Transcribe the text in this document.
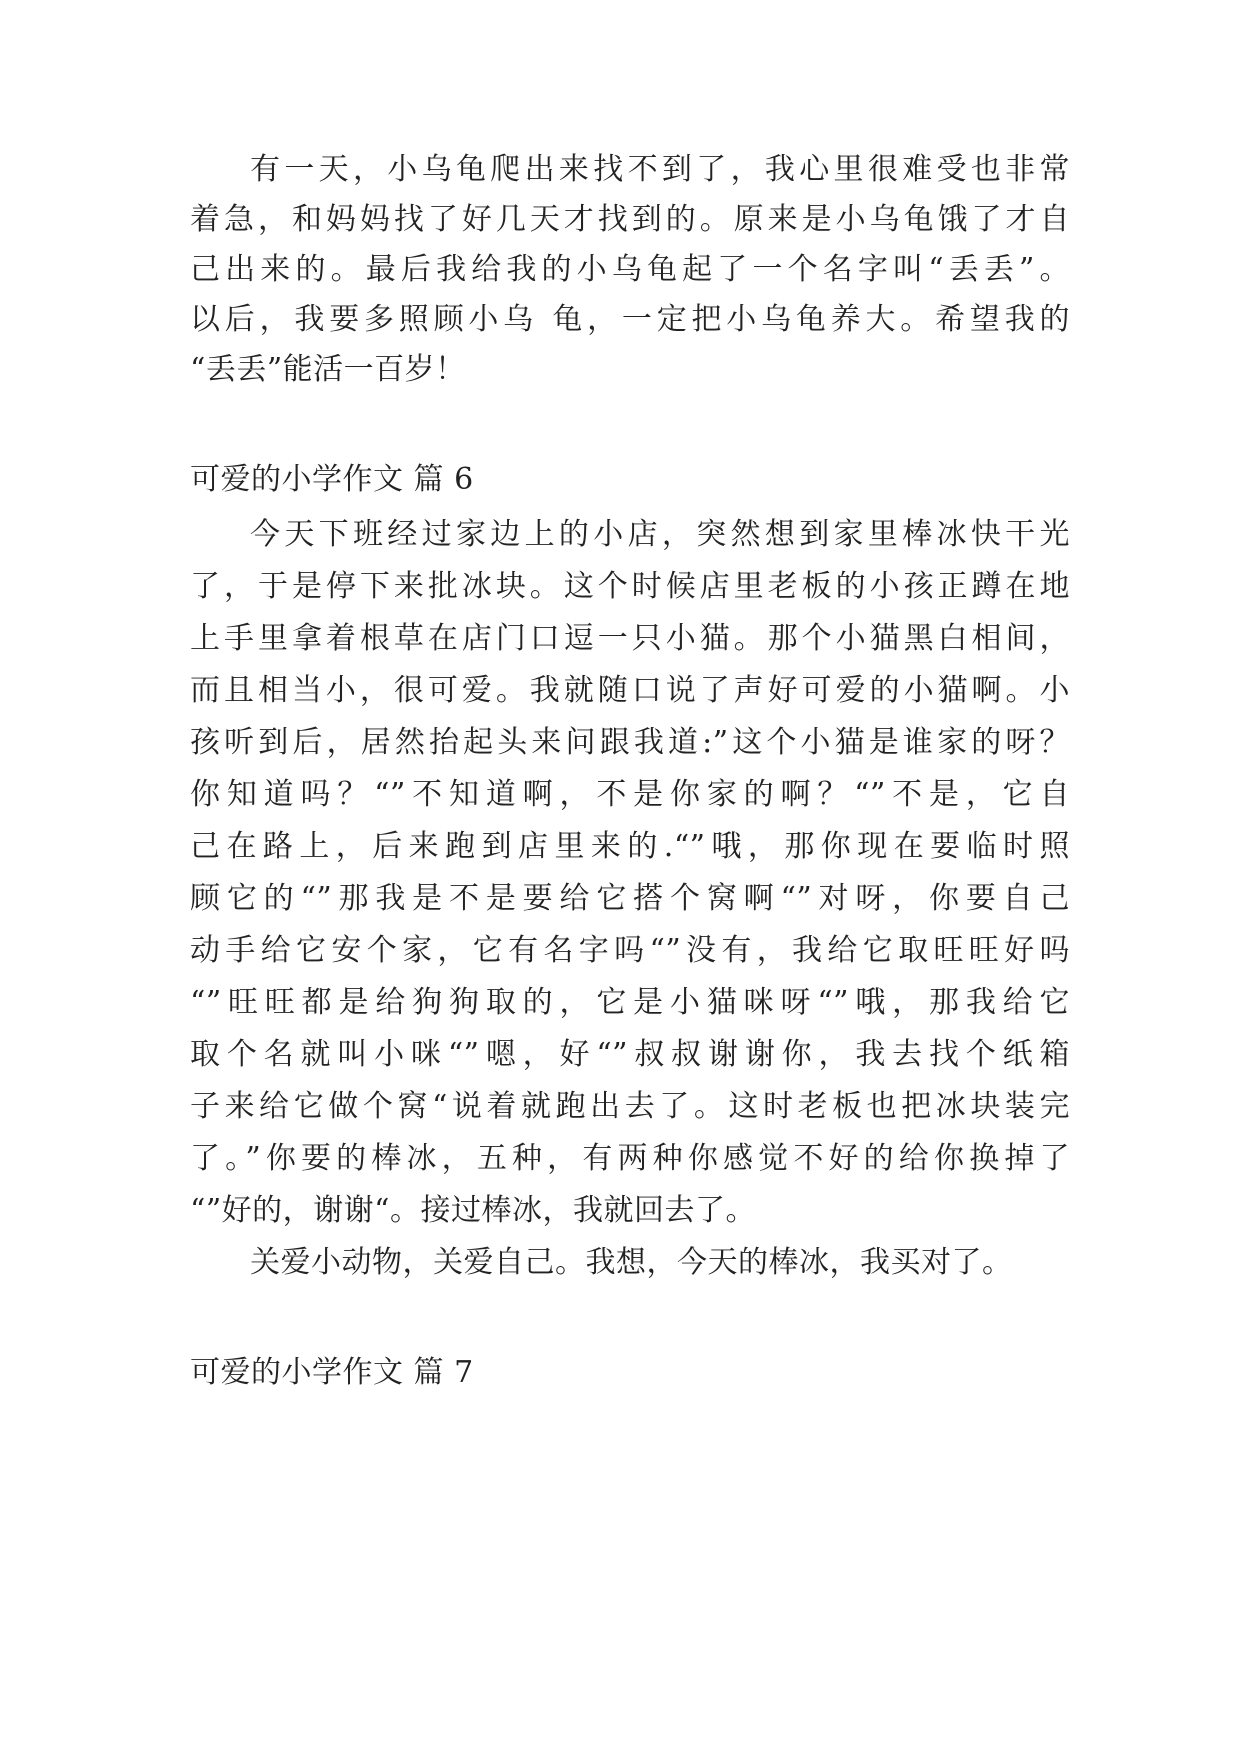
有一天，小乌龟爬出来找不到了，我心里很难受也非常
着急，和妈妈找了好几天才找到的。原来是小乌龟饿了才自
己出来的。最后我给我的小乌龟起了一个名字叫“丢丢”。
以后，我要多照顾小乌 龟，一定把小乌龟养大。希望我的
“丢丢”能活一百岁！
可爱的小学作文 篇 6
今天下班经过家边上的小店，突然想到家里棒冰快干光
了，于是停下来批冰块。这个时候店里老板的小孩正蹲在地
上手里拿着根草在店门口逗一只小猫。那个小猫黑白相间，
而且相当小，很可爱。我就随口说了声好可爱的小猫啊。小
孩听到后，居然抬起头来问跟我道:”这个小猫是谁家的呀？
你知道吗？“”不知道啊，不是你家的啊？“”不是，它自
己在路上，后来跑到店里来的.“”哦，那你现在要临时照
顾它的“”那我是不是要给它搭个窝啊“”对呀，你要自己
动手给它安个家，它有名字吗“”没有，我给它取旺旺好吗
“”旺旺都是给狗狗取的，它是小猫咪呀“”哦，那我给它
取个名就叫小咪“”嗯，好“”叔叔谢谢你，我去找个纸箱
子来给它做个窝“说着就跑出去了。这时老板也把冰块装完
了。”你要的棒冰，五种，有两种你感觉不好的给你换掉了
“”好的，谢谢“。接过棒冰，我就回去了。
关爱小动物，关爱自己。我想，今天的棒冰，我买对了。
可爱的小学作文 篇 7
